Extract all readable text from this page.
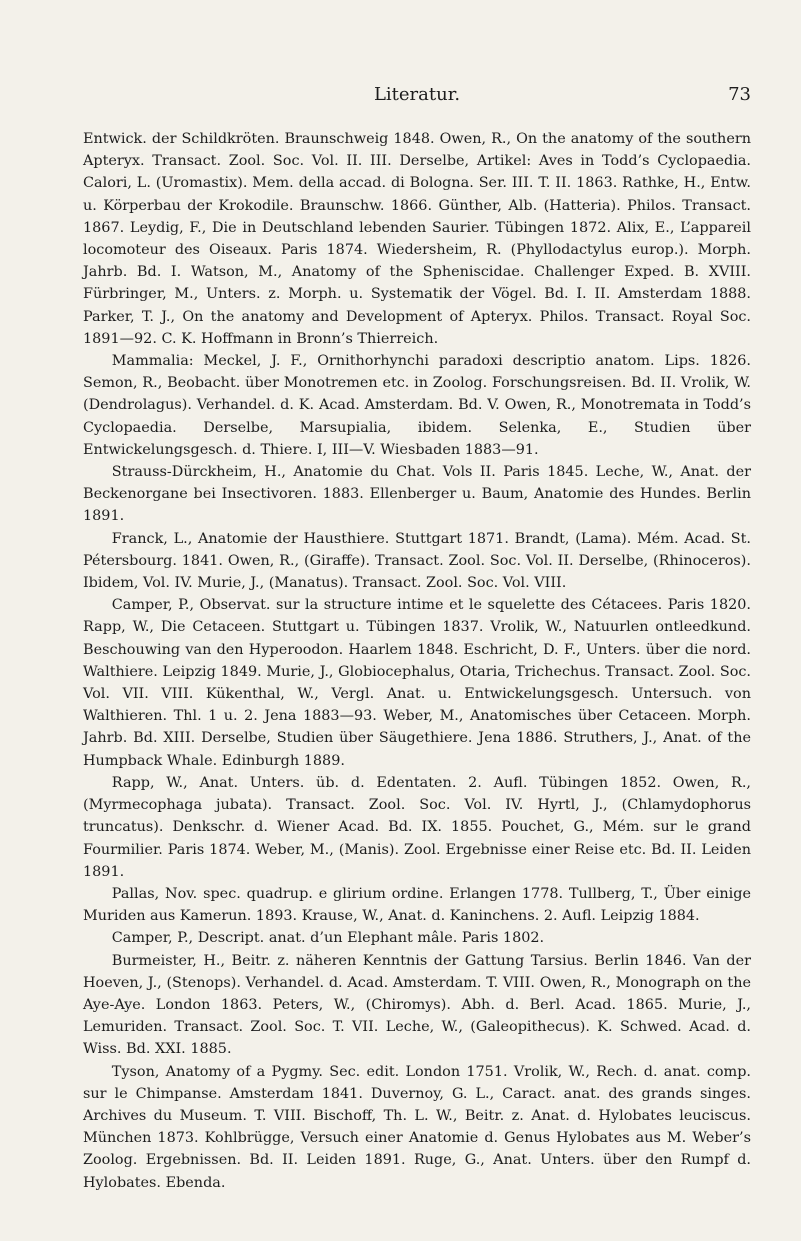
Literatur.	73

Entwick. der Schildkröten. Braunschweig 1848. Owen, R., On the anatomy of the southern Apteryx. Transact. Zool. Soc. Vol. II. III. Derselbe, Artikel: Aves in Todd’s Cyclopaedia. Calori, L. (Uromastix). Mem. della accad. di Bologna. Ser. III. T. II. 1863. Rathke, H., Entw. u. Körperbau der Krokodile. Braunschw. 1866. Günther, Alb. (Hatteria). Philos. Transact. 1867. Leydig, F., Die in Deutschland lebenden Saurier. Tübingen 1872. Alix, E., L’appareil locomoteur des Oiseaux. Paris 1874. Wiedersheim, R. (Phyllodactylus europ.). Morph. Jahrb. Bd. I. Watson, M., Anatomy of the Spheniscidae. Challenger Exped. B. XVIII. Fürbringer, M., Unters. z. Morph. u. Systematik der Vögel. Bd. I. II. Amsterdam 1888. Parker, T. J., On the anatomy and Development of Apteryx. Philos. Transact. Royal Soc. 1891—92. C. K. Hoffmann in Bronn’s Thierreich.

Mammalia: Meckel, J. F., Ornithorhynchi paradoxi descriptio anatom. Lips. 1826. Semon, R., Beobacht. über Monotremen etc. in Zoolog. Forschungsreisen. Bd. II. Vrolik, W. (Dendrolagus). Verhandel. d. K. Acad. Amsterdam. Bd. V. Owen, R., Monotremata in Todd’s Cyclopaedia. Derselbe, Marsupialia, ibidem. Selenka, E., Studien über Entwickelungsgesch. d. Thiere. I, III—V. Wiesbaden 1883—91.

Strauss-Dürckheim, H., Anatomie du Chat. Vols II. Paris 1845. Leche, W., Anat. der Beckenorgane bei Insectivoren. 1883. Ellenberger u. Baum, Anatomie des Hundes. Berlin 1891.

Franck, L., Anatomie der Hausthiere. Stuttgart 1871. Brandt, (Lama). Mém. Acad. St. Pétersbourg. 1841. Owen, R., (Giraffe). Transact. Zool. Soc. Vol. II. Derselbe, (Rhinoceros). Ibidem, Vol. IV. Murie, J., (Manatus). Transact. Zool. Soc. Vol. VIII.

Camper, P., Observat. sur la structure intime et le squelette des Cétacees. Paris 1820. Rapp, W., Die Cetaceen. Stuttgart u. Tübingen 1837. Vrolik, W., Natuurlen ontleedkund. Beschouwing van den Hyperoodon. Haarlem 1848. Eschricht, D. F., Unters. über die nord. Walthiere. Leipzig 1849. Murie, J., Globiocephalus, Otaria, Trichechus. Transact. Zool. Soc. Vol. VII. VIII. Kükenthal, W., Vergl. Anat. u. Entwickelungsgesch. Untersuch. von Walthieren. Thl. 1 u. 2. Jena 1883—93. Weber, M., Anatomisches über Cetaceen. Morph. Jahrb. Bd. XIII. Derselbe, Studien über Säugethiere. Jena 1886. Struthers, J., Anat. of the Humpback Whale. Edinburgh 1889.

Rapp, W., Anat. Unters. üb. d. Edentaten. 2. Aufl. Tübingen 1852. Owen, R., (Myrmecophaga jubata). Transact. Zool. Soc. Vol. IV. Hyrtl, J., (Chlamydophorus truncatus). Denkschr. d. Wiener Acad. Bd. IX. 1855. Pouchet, G., Mém. sur le grand Fourmilier. Paris 1874. Weber, M., (Manis). Zool. Ergebnisse einer Reise etc. Bd. II. Leiden 1891.

Pallas, Nov. spec. quadrup. e glirium ordine. Erlangen 1778. Tullberg, T., Über einige Muriden aus Kamerun. 1893. Krause, W., Anat. d. Kaninchens. 2. Aufl. Leipzig 1884.

Camper, P., Descript. anat. d’un Elephant mâle. Paris 1802.

Burmeister, H., Beitr. z. näheren Kenntnis der Gattung Tarsius. Berlin 1846. Van der Hoeven, J., (Stenops). Verhandel. d. Acad. Amsterdam. T. VIII. Owen, R., Monograph on the Aye-Aye. London 1863. Peters, W., (Chiromys). Abh. d. Berl. Acad. 1865. Murie, J., Lemuriden. Transact. Zool. Soc. T. VII. Leche, W., (Galeopithecus). K. Schwed. Acad. d. Wiss. Bd. XXI. 1885.

Tyson, Anatomy of a Pygmy. Sec. edit. London 1751. Vrolik, W., Rech. d. anat. comp. sur le Chimpanse. Amsterdam 1841. Duvernoy, G. L., Caract. anat. des grands singes. Archives du Museum. T. VIII. Bischoff, Th. L. W., Beitr. z. Anat. d. Hylobates leuciscus. München 1873. Kohlbrügge, Versuch einer Anatomie d. Genus Hylobates aus M. Weber’s Zoolog. Ergebnissen. Bd. II. Leiden 1891. Ruge, G., Anat. Unters. über den Rumpf d. Hylobates. Ebenda.
